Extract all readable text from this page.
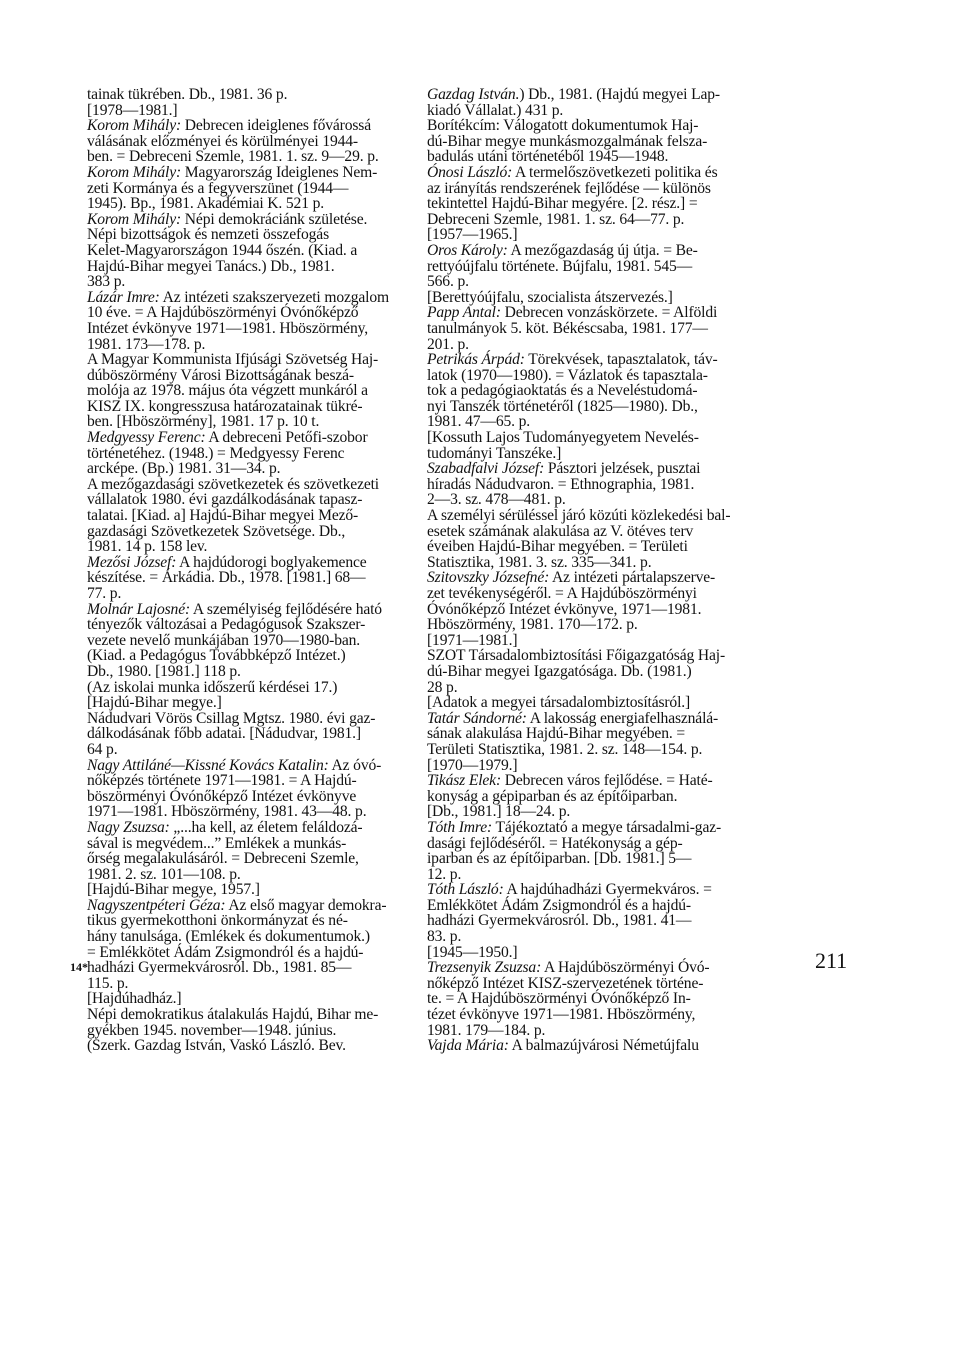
tainak tükrében. Db., 1981. 36 p.
[1978—1981.]
Korom Mihály: Debrecen ideiglenes fővárossá
válásának előzményei és körülményei 1944-
ben. = Debreceni Szemle, 1981. 1. sz. 9—29. p.
Korom Mihály: Magyarország Ideiglenes Nem-
zeti Kormánya és a fegyverszünet (1944—
1945). Bp., 1981. Akadémiai K. 521 p.
Korom Mihály: Népi demokráciánk születése.
Népi bizottságok és nemzeti összefogás
Kelet-Magyarországon 1944 őszén. (Kiad. a
Hajdú-Bihar megyei Tanács.) Db., 1981.
383 p.
Lázár Imre: Az intézeti szakszervezeti mozgalom
10 éve. = A Hajdúböszörményi Óvónőképző
Intézet évkönyve 1971—1981. Hböszörmény,
1981. 173—178. p.
A Magyar Kommunista Ifjúsági Szövetség Haj-
dúböszörmény Városi Bizottságának beszá-
molója az 1978. május óta végzett munkáról a
KISZ IX. kongresszusa határozatainak tükré-
ben. [Hböszörmény], 1981. 17 p. 10 t.
Medgyessy Ferenc: A debreceni Petőfi-szobor
történetéhez. (1948.) = Medgyessy Ferenc
arcképe. (Bp.) 1981. 31—34. p.
A mezőgazdasági szövetkezetek és szövetkezeti
vállalatok 1980. évi gazdálkodásának tapasz-
talatai. [Kiad. a] Hajdú-Bihar megyei Mező-
gazdasági Szövetkezetek Szövetsége. Db.,
1981. 14 p. 158 lev.
Mezősi József: A hajdúdorogi boglyakemence
készítése. = Árkádia. Db., 1978. [1981.] 68—
77. p.
Molnár Lajosné: A személyiség fejlődésére ható
tényezők változásai a Pedagógusok Szakszer-
vezete nevelő munkájában 1970—1980-ban.
(Kiad. a Pedagógus Továbbképző Intézet.)
Db., 1980. [1981.] 118 p.
(Az iskolai munka időszerű kérdései 17.)
[Hajdú-Bihar megye.]
Nádudvari Vörös Csillag Mgtsz. 1980. évi gaz-
dálkodásának főbb adatai. [Nádudvar, 1981.]
64 p.
Nagy Attiláné—Kissné Kovács Katalin: Az óvó-
nőképzés története 1971—1981. = A Hajdú-
böszörményi Óvónőképző Intézet évkönyve
1971—1981. Hböszörmény, 1981. 43—48. p.
Nagy Zsuzsa: „...ha kell, az életem feláldozá-
sával is megvédem...” Emlékek a munkás-
őrség megalakulásáról. = Debreceni Szemle,
1981. 2. sz. 101—108. p.
[Hajdú-Bihar megye, 1957.]
Nagyszentpéteri Géza: Az első magyar demokra-
tikus gyermekotthoni önkormányzat és né-
hány tanulsága. (Emlékek és dokumentumok.)
= Emlékkötet Ádám Zsigmondról és a hajdú-
hadházi Gyermekvárosról. Db., 1981. 85—
115. p.
[Hajdúhadház.]
Népi demokratikus átalakulás Hajdú, Bihar me-
gyékben 1945. november—1948. június.
(Szerk. Gazdag István, Vaskó László. Bev.
Gazdag István.) Db., 1981. (Hajdú megyei Lap-
kiadó Vállalat.) 431 p.
Borítékcím: Válogatott dokumentumok Haj-
dú-Bihar megye munkásmozgalmának felsza-
badulás utáni történetéből 1945—1948.
Ónosi László: A termelőszövetkezeti politika és
az irányítás rendszerének fejlődése — különös
tekintettel Hajdú-Bihar megyére. [2. rész.] =
Debreceni Szemle, 1981. 1. sz. 64—77. p.
[1957—1965.]
Oros Károly: A mezőgazdaság új útja. = Be-
rettyóújfalu története. Bújfalu, 1981. 545—
566. p.
[Berettyóújfalu, szocialista átszervezés.]
Papp Antal: Debrecen vonzáskörzete. = Alföldi
tanulmányok 5. köt. Békéscsaba, 1981. 177—
201. p.
Petrikás Árpád: Törekvések, tapasztalatok, táv-
latok (1970—1980). = Vázlatok és tapasztala-
tok a pedagógiaoktatás és a Neveléstudomá-
nyi Tanszék történetéről (1825—1980). Db.,
1981. 47—65. p.
[Kossuth Lajos Tudományegyetem Nevelés-
tudományi Tanszéke.]
Szabadfalvi József: Pásztori jelzések, pusztai
híradás Nádudvaron. = Ethnographia, 1981.
2—3. sz. 478—481. p.
A személyi sérüléssel járó közúti közlekedési bal-
esetek számának alakulása az V. ötéves terv
éveiben Hajdú-Bihar megyében. = Területi
Statisztika, 1981. 3. sz. 335—341. p.
Szitovszky Józsefné: Az intézeti pártalapszerve-
zet tevékenységéről. = A Hajdúböszörményi
Óvónőképző Intézet évkönyve, 1971—1981.
Hböszörmény, 1981. 170—172. p.
[1971—1981.]
SZOT Társadalombiztosítási Főigazgatóság Haj-
dú-Bihar megyei Igazgatósága. Db. (1981.)
28 p.
[Adatok a megyei társadalombiztosításról.]
Tatár Sándorné: A lakosság energiafelhasználá-
sának alakulása Hajdú-Bihar megyében. =
Területi Statisztika, 1981. 2. sz. 148—154. p.
[1970—1979.]
Tikász Elek: Debrecen város fejlődése. = Haté-
konyság a gépiparban és az építőiparban.
[Db., 1981.] 18—24. p.
Tóth Imre: Tájékoztató a megye társadalmi-gaz-
dasági fejlődéséről. = Hatékonyság a gép-
iparban és az építőiparban. [Db. 1981.] 5—
12. p.
Tóth László: A hajdúhadházi Gyermekváros. =
Emlékkötet Ádám Zsigmondról és a hajdú-
hadházi Gyermekvárosról. Db., 1981. 41—
83. p.
[1945—1950.]
Trezsenyik Zsuzsa: A Hajdúböszörményi Óvó-
nőképző Intézet KISZ-szervezetének történe-
te. = A Hajdúböszörményi Óvónőképző In-
tézet évkönyve 1971—1981. Hböszörmény,
1981. 179—184. p.
Vajda Mária: A balmazújvárosi Németújfalu
14*	211
